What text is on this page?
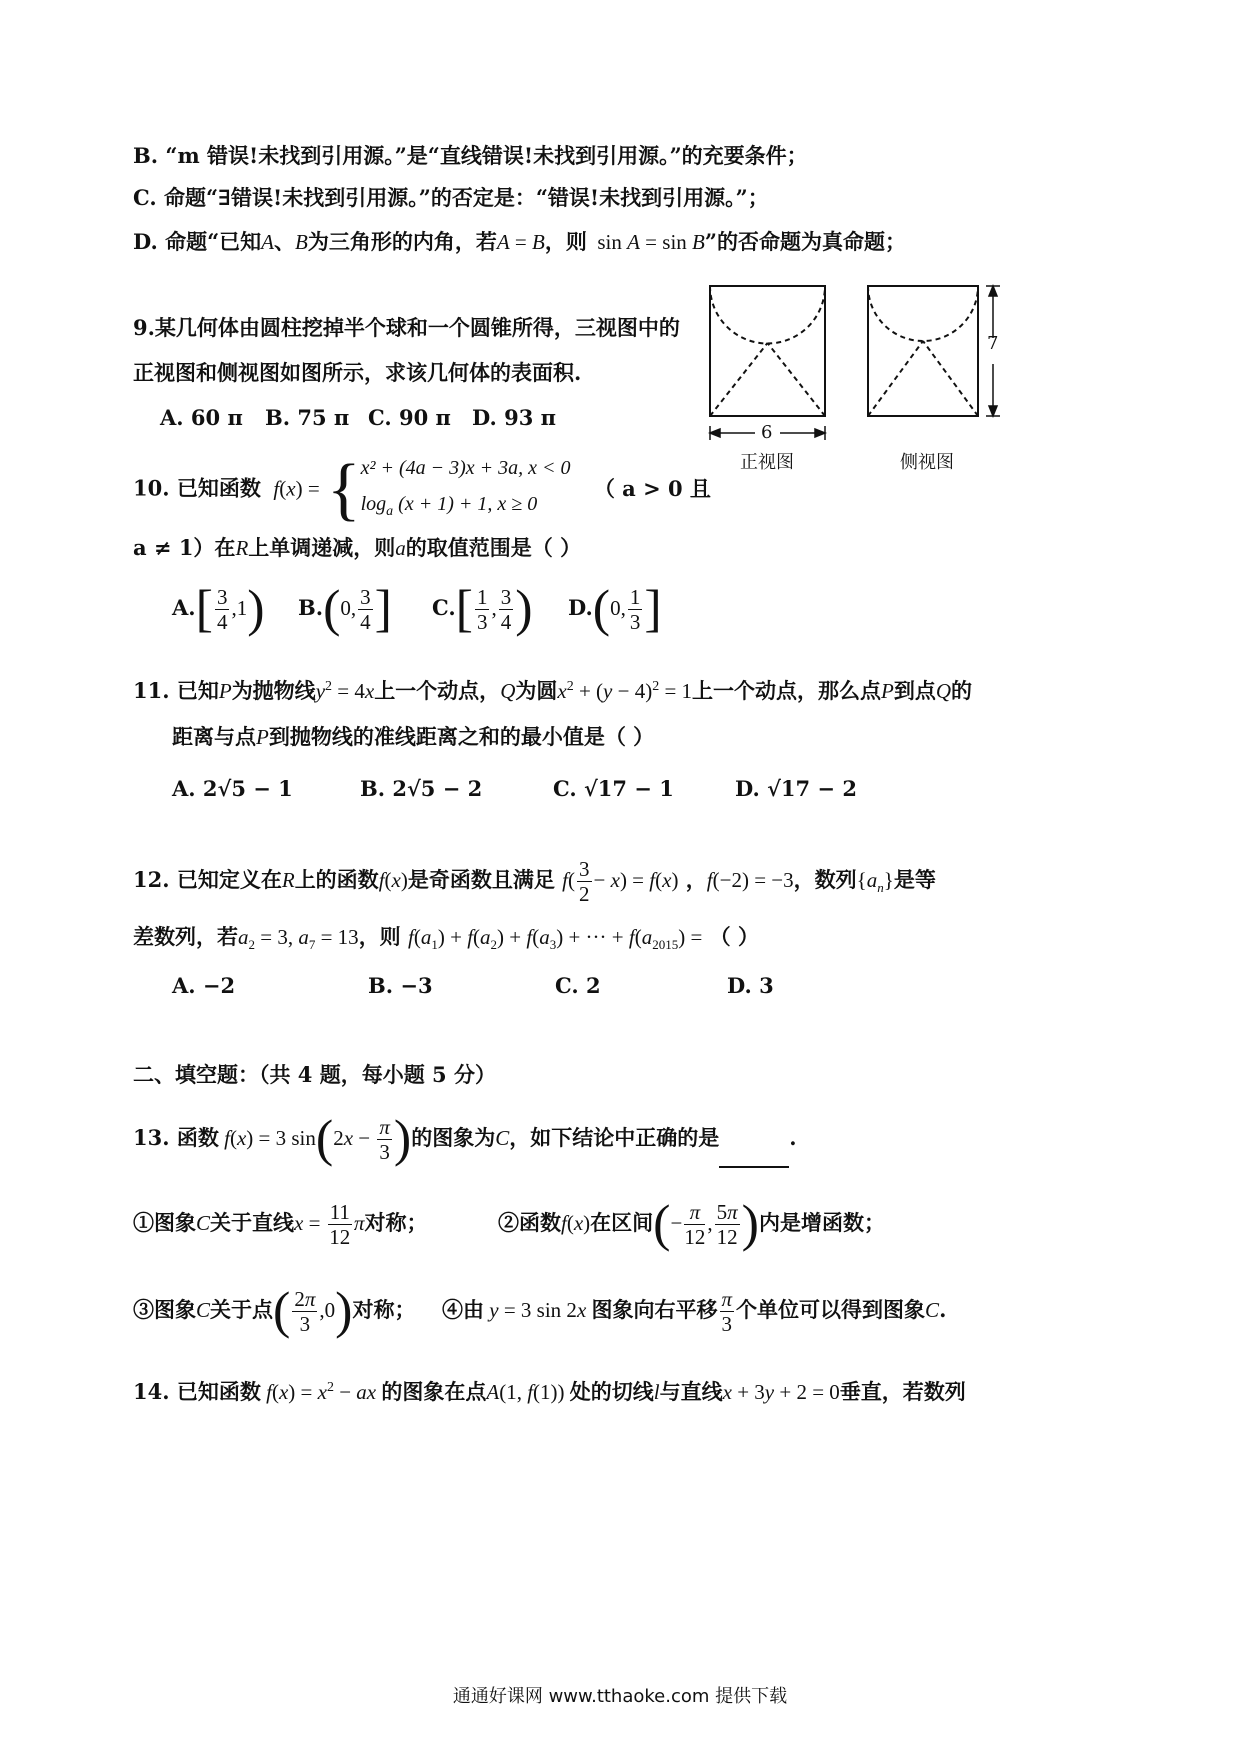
B. “m 错误!未找到引用源。”是“直线错误!未找到引用源。”的充要条件；
C. 命题“∃错误!未找到引用源。”的否定是：“错误!未找到引用源。”；
D. 命题“已知A、B为三角形的内角，若A = B，则  sin A = sin B”的否命题为真命题；
9.某几何体由圆柱挖掉半个球和一个圆锥所得，三视图中的
正视图和侧视图如图所示，求该几何体的表面积.
A. 60 π B. 75 π C. 90 π D. 93 π
7
6
正视图	侧视图
10. 已知函数  f(x) = { x² + (4a − 3)x + 3a, x < 0
$\log_a (x + 1) + 1$, x ≥ 0
（ a > 0 且
a ≠ 1）在R上单调递减，则a的取值范围是（ ）
$A.[ \frac{3}{4} ,1)$ B.(0, $\frac{3}{4}$ ] $C.[ \frac{1}{3}$ , $\frac{3}{4}$ ) D.(0, $\frac{1}{3}$ ]
11. 已知P为抛物线$y^2 = 4x$上一个动点，Q为圆$x^2 + (y - 4)^2 = 1$上一个动点，那么点P到点Q的
距离与点P到抛物线的准线距离之和的最小值是（ ）
A. 2√5 − 1	B. 2√5 − 2	C. √17 − 1	D. √17 − 2
12. 已知定义在R上的函数f(x)是奇函数且满足 $f( \frac{3}{2} - x) = f(x)$ ，f(−2) = −3，数列$\{a_n\}$是等
差数列，若$a_2 = 3$, $a_7 = 13$，则 $f(a_1) + f(a_2) + f(a_3)$ + ··· + $f(a_{2015})$ = （ ）
A. −2	B. −3	C. 2	D. 3
二、填空题：（共 4 题，每小题 5 分）
13. 函数 f(x) = 3 $\sin(2x - \frac{\pi}{3}$ )的图象为C，如下结论中正确的是	.
①图象C关于直线$x = \frac{11}{12}$ π对称；	②函数f(x)在区间(− $\frac{\pi}{12}$ , $\frac{5\pi}{12}$ )内是增函数；
③图象C关于点( $\frac{2\pi}{3} ,0$)对称； ④由 y = 3 sin 2x 图象向右平移 $\frac{\pi}{3}$ 个单位可以得到图象C.
14. 已知函数 $f(x) = x^2$ − ax 的图象在点A(1, f(1)) 处的切线l与直线x + 3y + 2 = 0垂直，若数列
通通好课网 www.tthaoke.com 提供下载
